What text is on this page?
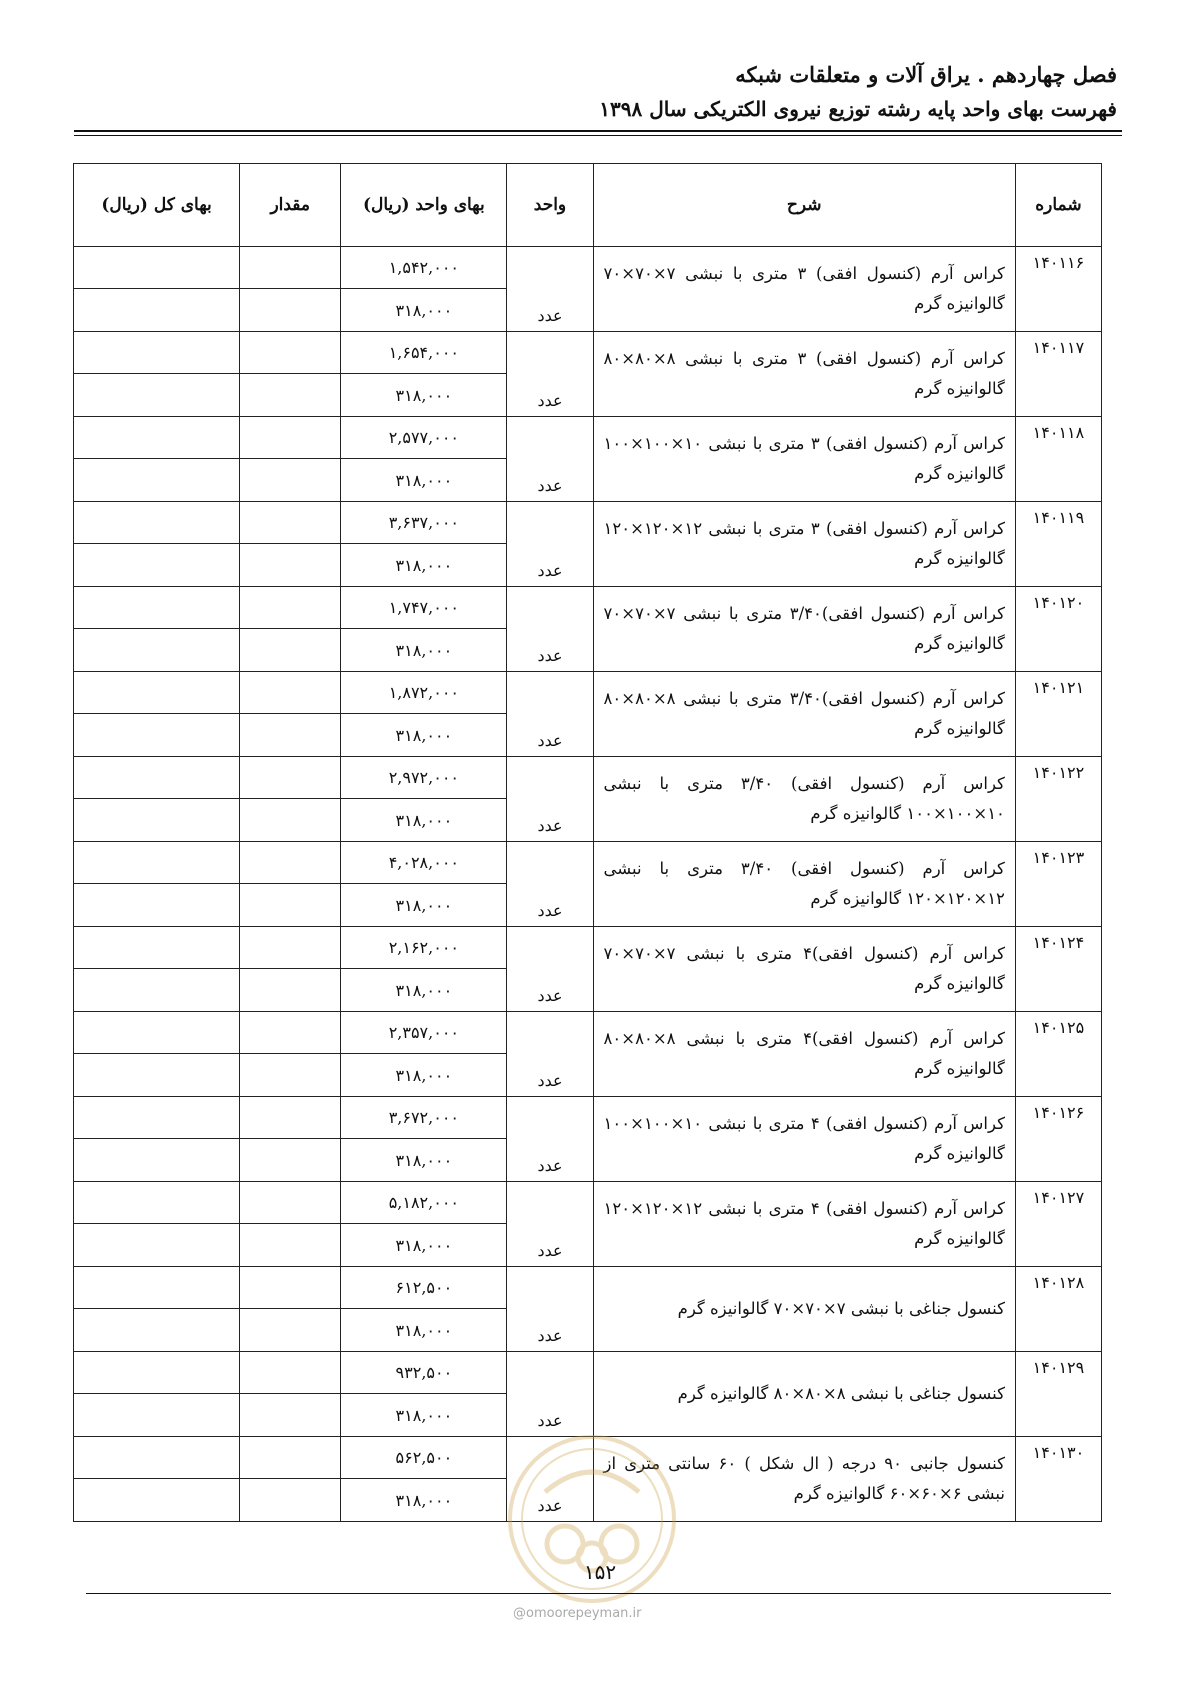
فصل چهاردهم . یراق آلات و متعلقات شبکه
فهرست بهای واحد پایه رشته توزیع نیروی الکتریکی سال ۱۳۹۸
شماره	شرح	واحد	بهای واحد (ریال)	مقدار	بهای کل (ریال)
۱۴۰۱۱۶	کراس آرم (کنسول افقی) ۳ متری با نبشی ۷×۷۰×۷۰ گالوانیزه گرم	عدد	۱,۵۴۲,۰۰۰		
			۳۱۸,۰۰۰		
۱۴۰۱۱۷	کراس آرم (کنسول افقی) ۳ متری با نبشی ۸×۸۰×۸۰ گالوانیزه گرم	عدد	۱,۶۵۴,۰۰۰		
			۳۱۸,۰۰۰		
۱۴۰۱۱۸	کراس آرم (کنسول افقی) ۳ متری با نبشی ۱۰×۱۰۰×۱۰۰ گالوانیزه گرم	عدد	۲,۵۷۷,۰۰۰		
			۳۱۸,۰۰۰		
۱۴۰۱۱۹	کراس آرم (کنسول افقی) ۳ متری با نبشی ۱۲×۱۲۰×۱۲۰ گالوانیزه گرم	عدد	۳,۶۳۷,۰۰۰		
			۳۱۸,۰۰۰		
۱۴۰۱۲۰	کراس آرم (کنسول افقی)۳/۴۰ متری با نبشی ۷×۷۰×۷۰ گالوانیزه گرم	عدد	۱,۷۴۷,۰۰۰		
			۳۱۸,۰۰۰		
۱۴۰۱۲۱	کراس آرم (کنسول افقی)۳/۴۰ متری با نبشی ۸×۸۰×۸۰ گالوانیزه گرم	عدد	۱,۸۷۲,۰۰۰		
			۳۱۸,۰۰۰		
۱۴۰۱۲۲	کراس آرم (کنسول افقی) ۳/۴۰ متری با نبشی ۱۰×۱۰۰×۱۰۰ گالوانیزه گرم	عدد	۲,۹۷۲,۰۰۰		
			۳۱۸,۰۰۰		
۱۴۰۱۲۳	کراس آرم (کنسول افقی) ۳/۴۰ متری با نبشی ۱۲×۱۲۰×۱۲۰ گالوانیزه گرم	عدد	۴,۰۲۸,۰۰۰		
			۳۱۸,۰۰۰		
۱۴۰۱۲۴	کراس آرم (کنسول افقی)۴ متری با نبشی ۷×۷۰×۷۰ گالوانیزه گرم	عدد	۲,۱۶۲,۰۰۰		
			۳۱۸,۰۰۰		
۱۴۰۱۲۵	کراس آرم (کنسول افقی)۴ متری با نبشی ۸×۸۰×۸۰ گالوانیزه گرم	عدد	۲,۳۵۷,۰۰۰		
			۳۱۸,۰۰۰		
۱۴۰۱۲۶	کراس آرم (کنسول افقی) ۴ متری با نبشی ۱۰×۱۰۰×۱۰۰ گالوانیزه گرم	عدد	۳,۶۷۲,۰۰۰		
			۳۱۸,۰۰۰		
۱۴۰۱۲۷	کراس آرم (کنسول افقی) ۴ متری با نبشی ۱۲×۱۲۰×۱۲۰ گالوانیزه گرم	عدد	۵,۱۸۲,۰۰۰		
			۳۱۸,۰۰۰		
۱۴۰۱۲۸	کنسول جناغی با نبشی ۷×۷۰×۷۰ گالوانیزه گرم	عدد	۶۱۲,۵۰۰		
			۳۱۸,۰۰۰		
۱۴۰۱۲۹	کنسول جناغی با نبشی ۸×۸۰×۸۰ گالوانیزه گرم	عدد	۹۳۲,۵۰۰		
			۳۱۸,۰۰۰		
۱۴۰۱۳۰	کنسول جانبی ۹۰ درجه ( ال شکل ) ۶۰ سانتی متری از نبشی ۶×۶۰×۶۰ گالوانیزه گرم	عدد	۵۶۲,۵۰۰		
			۳۱۸,۰۰۰		
۱۵۲
@omoorepeyman.ir
